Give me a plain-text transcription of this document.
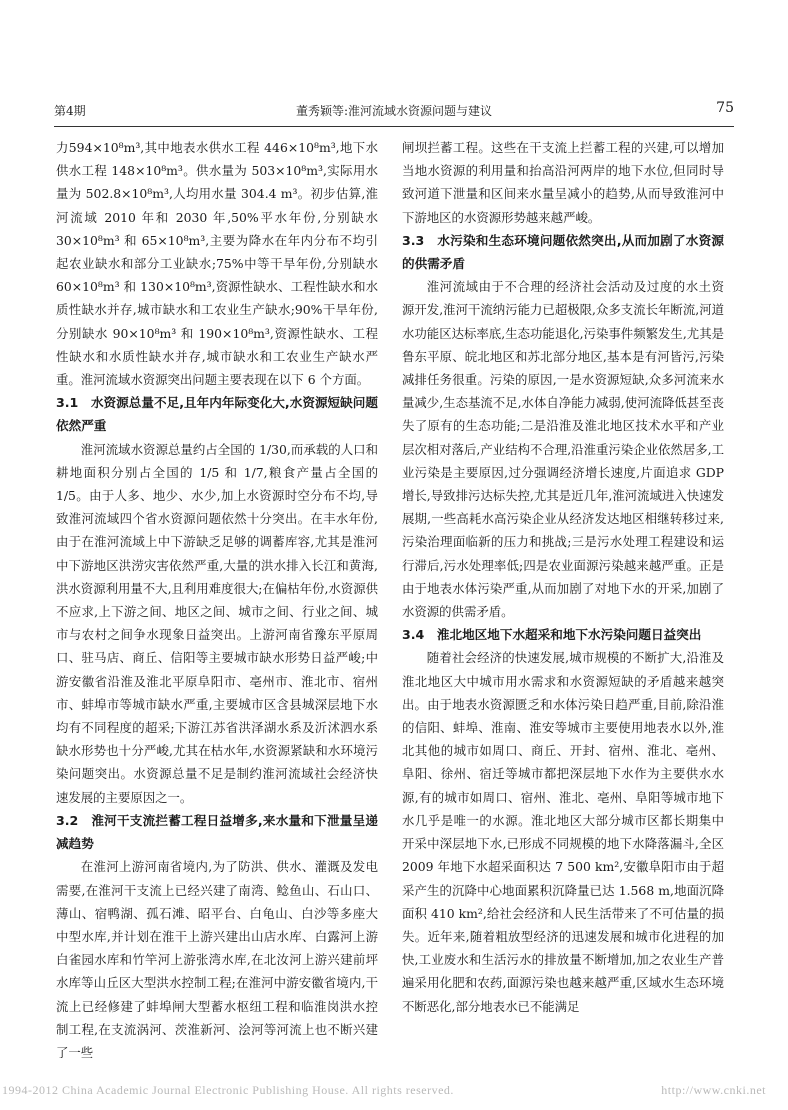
第4期	董秀颖等:淮河流域水资源问题与建议	75

力594×10⁸m³,其中地表水供水工程 446×10⁸m³,地下水供水工程 148×10⁸m³。供水量为 503×10⁸m³,实际用水量为 502.8×10⁸m³,人均用水量 304.4 m³。初步估算,淮河流域 2010 年和 2030 年,50%平水年份,分别缺水 30×10⁸m³ 和 65×10⁸m³,主要为降水在年内分布不均引起农业缺水和部分工业缺水;75%中等干旱年份,分别缺水 60×10⁸m³ 和 130×10⁸m³,资源性缺水、工程性缺水和水质性缺水并存,城市缺水和工农业生产缺水;90%干旱年份,分别缺水 90×10⁸m³ 和 190×10⁸m³,资源性缺水、工程性缺水和水质性缺水并存,城市缺水和工农业生产缺水严重。淮河流域水资源突出问题主要表现在以下 6 个方面。

3.1　水资源总量不足,且年内年际变化大,水资源短缺问题依然严重

淮河流域水资源总量约占全国的 1/30,而承载的人口和耕地面积分别占全国的 1/5 和 1/7,粮食产量占全国的 1/5。由于人多、地少、水少,加上水资源时空分布不均,导致淮河流域四个省水资源问题依然十分突出。在丰水年份,由于在淮河流域上中下游缺乏足够的调蓄库容,尤其是淮河中下游地区洪涝灾害依然严重,大量的洪水排入长江和黄海,洪水资源利用量不大,且利用难度很大;在偏枯年份,水资源供不应求,上下游之间、地区之间、城市之间、行业之间、城市与农村之间争水现象日益突出。上游河南省豫东平原周口、驻马店、商丘、信阳等主要城市缺水形势日益严峻;中游安徽省沿淮及淮北平原阜阳市、亳州市、淮北市、宿州市、蚌埠市等城市缺水严重,主要城市区含县城深层地下水均有不同程度的超采;下游江苏省洪泽湖水系及沂沭泗水系缺水形势也十分严峻,尤其在枯水年,水资源紧缺和水环境污染问题突出。水资源总量不足是制约淮河流域社会经济快速发展的主要原因之一。

3.2　淮河干支流拦蓄工程日益增多,来水量和下泄量呈递减趋势

在淮河上游河南省境内,为了防洪、供水、灌溉及发电需要,在淮河干支流上已经兴建了南湾、鲶鱼山、石山口、薄山、宿鸭湖、孤石滩、昭平台、白龟山、白沙等多座大中型水库,并计划在淮干上游兴建出山店水库、白露河上游白雀园水库和竹竿河上游张湾水库,在北汝河上游兴建前坪水库等山丘区大型洪水控制工程;在淮河中游安徽省境内,干流上已经修建了蚌埠闸大型蓄水枢纽工程和临淮岗洪水控制工程,在支流涡河、茨淮新河、浍河等河流上也不断兴建了一些

闸坝拦蓄工程。这些在干支流上拦蓄工程的兴建,可以增加当地水资源的利用量和抬高沿河两岸的地下水位,但同时导致河道下泄量和区间来水量呈减小的趋势,从而导致淮河中下游地区的水资源形势越来越严峻。

3.3　水污染和生态环境问题依然突出,从而加剧了水资源的供需矛盾

淮河流域由于不合理的经济社会活动及过度的水土资源开发,淮河干流纳污能力已超极限,众多支流长年断流,河道水功能区达标率底,生态功能退化,污染事件频繁发生,尤其是鲁东平原、皖北地区和苏北部分地区,基本是有河皆污,污染减排任务很重。污染的原因,一是水资源短缺,众多河流来水量减少,生态基流不足,水体自净能力减弱,使河流降低甚至丧失了原有的生态功能;二是沿淮及淮北地区技术水平和产业层次相对落后,产业结构不合理,沿淮重污染企业依然居多,工业污染是主要原因,过分强调经济增长速度,片面追求 GDP 增长,导致排污达标失控,尤其是近几年,淮河流域进入快速发展期,一些高耗水高污染企业从经济发达地区相继转移过来,污染治理面临新的压力和挑战;三是污水处理工程建设和运行滞后,污水处理率低;四是农业面源污染越来越严重。正是由于地表水体污染严重,从而加剧了对地下水的开采,加剧了水资源的供需矛盾。

3.4　淮北地区地下水超采和地下水污染问题日益突出

随着社会经济的快速发展,城市规模的不断扩大,沿淮及淮北地区大中城市用水需求和水资源短缺的矛盾越来越突出。由于地表水资源匮乏和水体污染日趋严重,目前,除沿淮的信阳、蚌埠、淮南、淮安等城市主要使用地表水以外,淮北其他的城市如周口、商丘、开封、宿州、淮北、亳州、阜阳、徐州、宿迁等城市都把深层地下水作为主要供水水源,有的城市如周口、宿州、淮北、亳州、阜阳等城市地下水几乎是唯一的水源。淮北地区大部分城市区都长期集中开采中深层地下水,已形成不同规模的地下水降落漏斗,全区 2009 年地下水超采面积达 7 500 km²,安徽阜阳市由于超采产生的沉降中心地面累积沉降量已达 1.568 m,地面沉降面积 410 km²,给社会经济和人民生活带来了不可估量的损失。近年来,随着粗放型经济的迅速发展和城市化进程的加快,工业废水和生活污水的排放量不断增加,加之农业生产普遍采用化肥和农药,面源污染也越来越严重,区域水生态环境不断恶化,部分地表水已不能满足

1994-2012 China Academic Journal Electronic Publishing House. All rights reserved.	http://www.cnki.net
